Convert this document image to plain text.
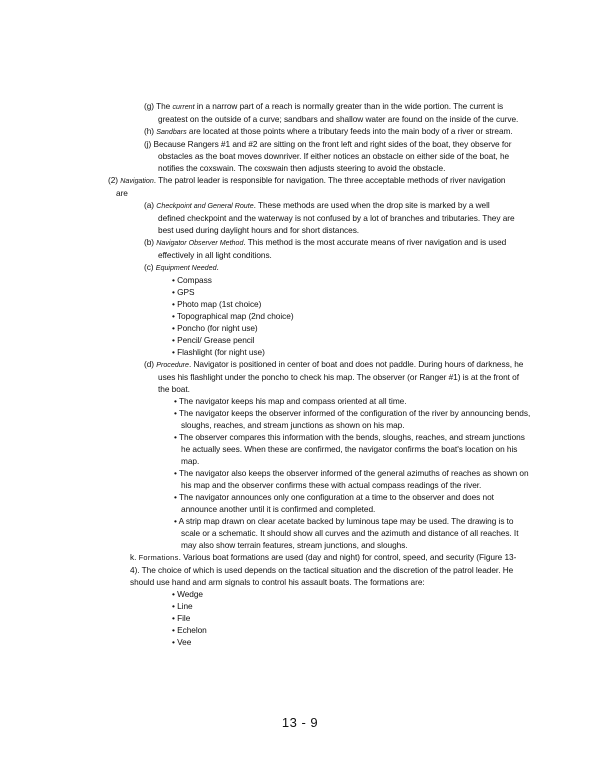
(g) The current in a narrow part of a reach is normally greater than in the wide portion. The current is
greatest on the outside of a curve; sandbars and shallow water are found on the inside of the curve.
(h) Sandbars are located at those points where a tributary feeds into the main body of a river or stream.
(j) Because Rangers #1 and #2 are sitting on the front left and right sides of the boat, they observe for
obstacles as the boat moves downriver. If either notices an obstacle on either side of the boat, he
notifies the coxswain. The coxswain then adjusts steering to avoid the obstacle.
(2) Navigation. The patrol leader is responsible for navigation. The three acceptable methods of river navigation
are
(a) Checkpoint and General Route. These methods are used when the drop site is marked by a well
defined checkpoint and the waterway is not confused by a lot of branches and tributaries. They are
best used during daylight hours and for short distances.
(b) Navigator Observer Method. This method is the most accurate means of river navigation and is used
effectively in all light conditions.
(c) Equipment Needed.
• Compass
• GPS
• Photo map (1st choice)
• Topographical map (2nd choice)
• Poncho (for night use)
• Pencil/ Grease pencil
• Flashlight (for night use)
(d) Procedure. Navigator is positioned in center of boat and does not paddle. During hours of darkness, he
uses his flashlight under the poncho to check his map. The observer (or Ranger #1) is at the front of
the boat.
• The navigator keeps his map and compass oriented at all time.
• The navigator keeps the observer informed of the configuration of the river by announcing bends,
sloughs, reaches, and stream junctions as shown on his map.
• The observer compares this information with the bends, sloughs, reaches, and stream junctions
he actually sees. When these are confirmed, the navigator confirms the boat's location on his
map.
• The navigator also keeps the observer informed of the general azimuths of reaches as shown on
his map and the observer confirms these with actual compass readings of the river.
• The navigator announces only one configuration at a time to the observer and does not
announce another until it is confirmed and completed.
• A strip map drawn on clear acetate backed by luminous tape may be used. The drawing is to
scale or a schematic. It should show all curves and the azimuth and distance of all reaches. It
may also show terrain features, stream junctions, and sloughs.
k. Formations. Various boat formations are used (day and night) for control, speed, and security (Figure 13-
4). The choice of which is used depends on the tactical situation and the discretion of the patrol leader. He
should use hand and arm signals to control his assault boats. The formations are:
• Wedge
• Line
• File
• Echelon
• Vee
13 - 9
